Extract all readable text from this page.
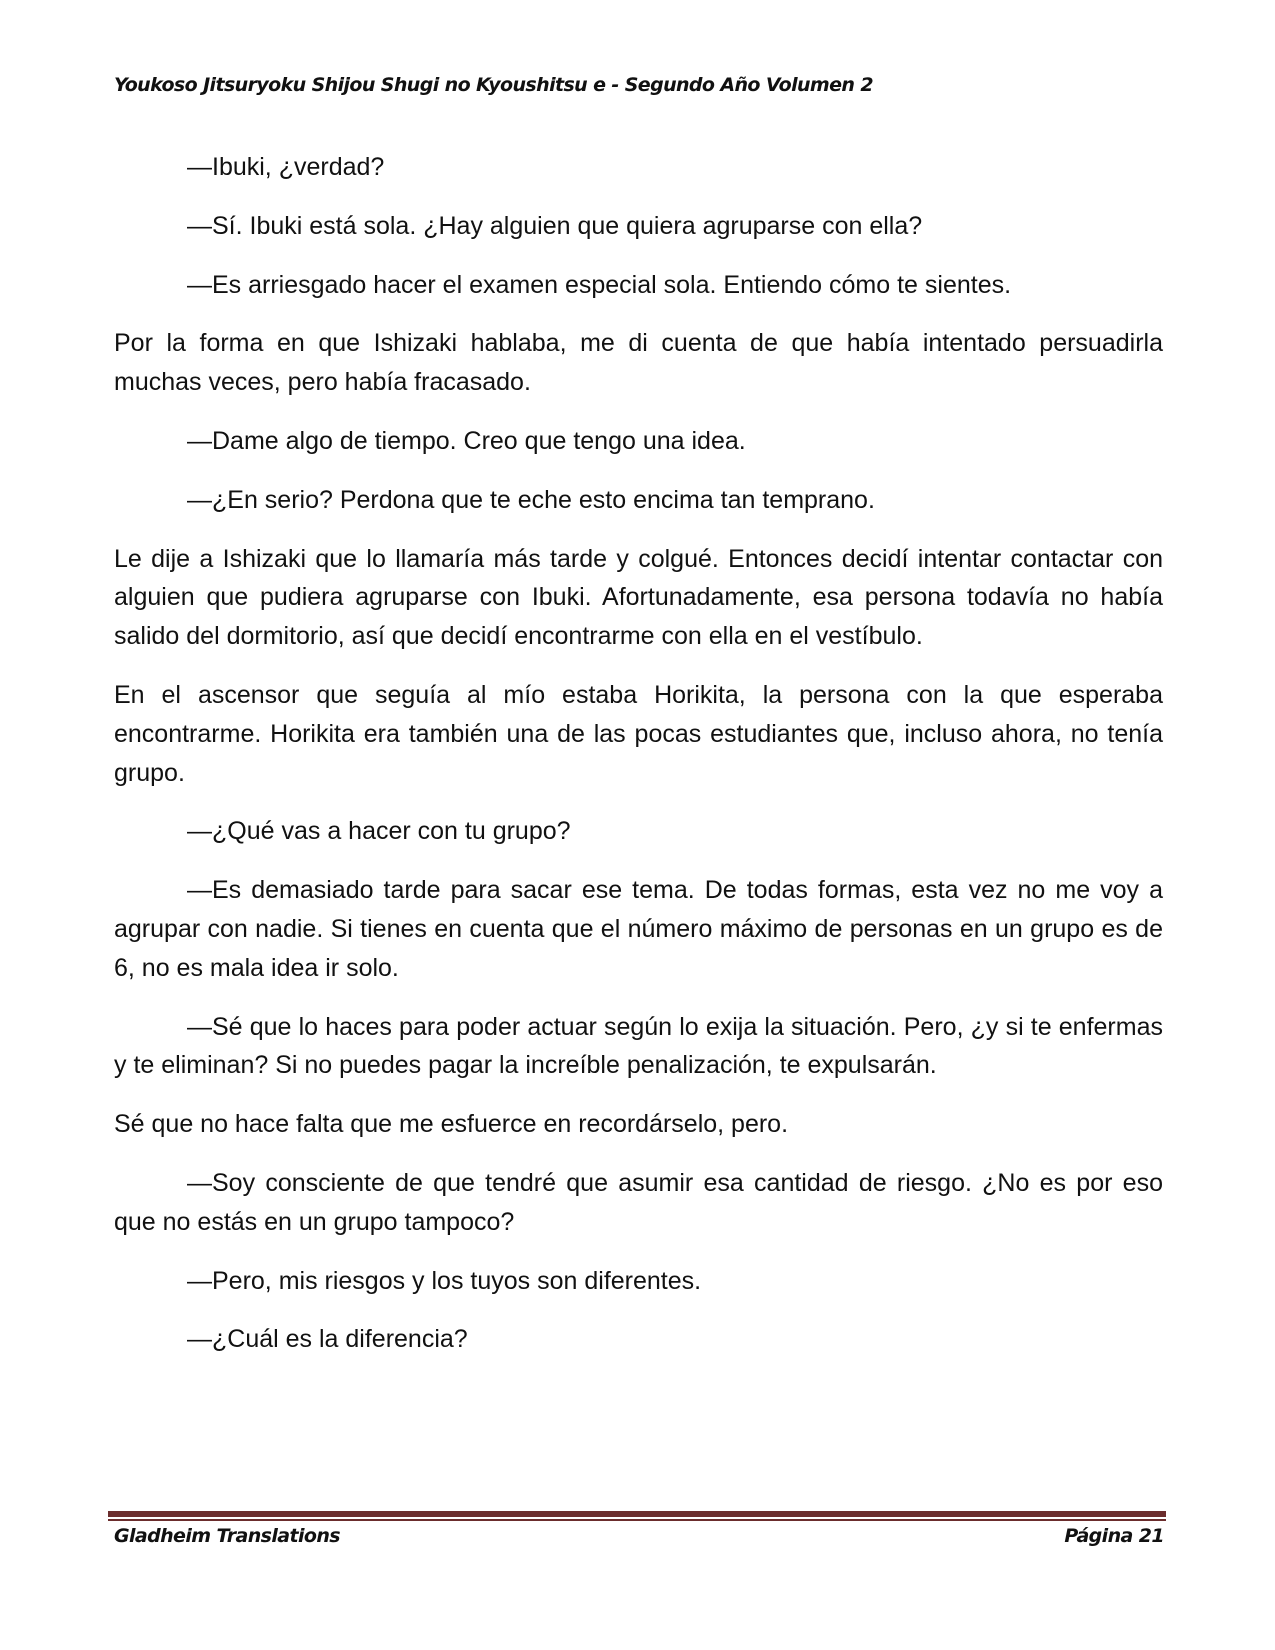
Youkoso Jitsuryoku Shijou Shugi no Kyoushitsu e - Segundo Año Volumen 2

—Ibuki, ¿verdad?

—Sí. Ibuki está sola. ¿Hay alguien que quiera agruparse con ella?

—Es arriesgado hacer el examen especial sola. Entiendo cómo te sientes.

Por la forma en que Ishizaki hablaba, me di cuenta de que había intentado persuadirla muchas veces, pero había fracasado.

—Dame algo de tiempo. Creo que tengo una idea.

—¿En serio? Perdona que te eche esto encima tan temprano.

Le dije a Ishizaki que lo llamaría más tarde y colgué. Entonces decidí intentar contactar con alguien que pudiera agruparse con Ibuki. Afortunadamente, esa persona todavía no había salido del dormitorio, así que decidí encontrarme con ella en el vestíbulo.

En el ascensor que seguía al mío estaba Horikita, la persona con la que esperaba encontrarme. Horikita era también una de las pocas estudiantes que, incluso ahora, no tenía grupo.

—¿Qué vas a hacer con tu grupo?

—Es demasiado tarde para sacar ese tema. De todas formas, esta vez no me voy a agrupar con nadie. Si tienes en cuenta que el número máximo de personas en un grupo es de 6, no es mala idea ir solo.

—Sé que lo haces para poder actuar según lo exija la situación. Pero, ¿y si te enfermas y te eliminan? Si no puedes pagar la increíble penalización, te expulsarán.

Sé que no hace falta que me esfuerce en recordárselo, pero.

—Soy consciente de que tendré que asumir esa cantidad de riesgo. ¿No es por eso que no estás en un grupo tampoco?

—Pero, mis riesgos y los tuyos son diferentes.

—¿Cuál es la diferencia?

Gladheim Translations	Página 21
